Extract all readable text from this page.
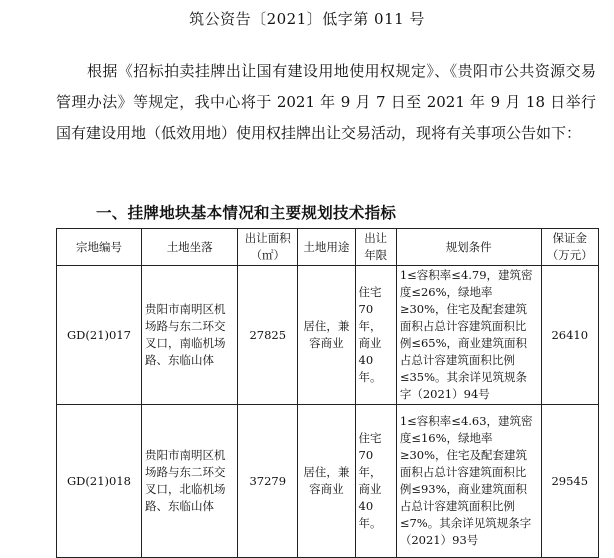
筑公资告〔2021〕低字第 011 号
根据《招标拍卖挂牌出让国有建设用地使用权规定》、《贵阳市公共资源交易管理办法》等规定，我中心将于 2021 年 9 月 7 日至 2021 年 9 月 18 日举行国有建设用地（低效用地）使用权挂牌出让交易活动，现将有关事项公告如下：
一、挂牌地块基本情况和主要规划技术指标
宗地编号	土地坐落	出让面积（㎡）	土地用途	出让年限	规划条件	保证金（万元）
GD(21)017	贵阳市南明区机场路与东二环交叉口，南临机场路、东临山体	27825	居住，兼容商业	住宅70年，商业40年。	1≤容积率≤4.79，建筑密度≤26%，绿地率≥30%，住宅及配套建筑面积占总计容建筑面积比例≤65%，商业建筑面积占总计容建筑面积比例≤35%。其余详见筑规条字（2021）94号	26410
GD(21)018	贵阳市南明区机场路与东二环交叉口，北临机场路、东临山体	37279	居住，兼容商业	住宅70年，商业40年。	1≤容积率≤4.63，建筑密度≤16%，绿地率≥30%，住宅及配套建筑面积占总计容建筑面积比例≤93%，商业建筑面积占总计容建筑面积比例≤7%。其余详见筑规条字（2021）93号	29545
